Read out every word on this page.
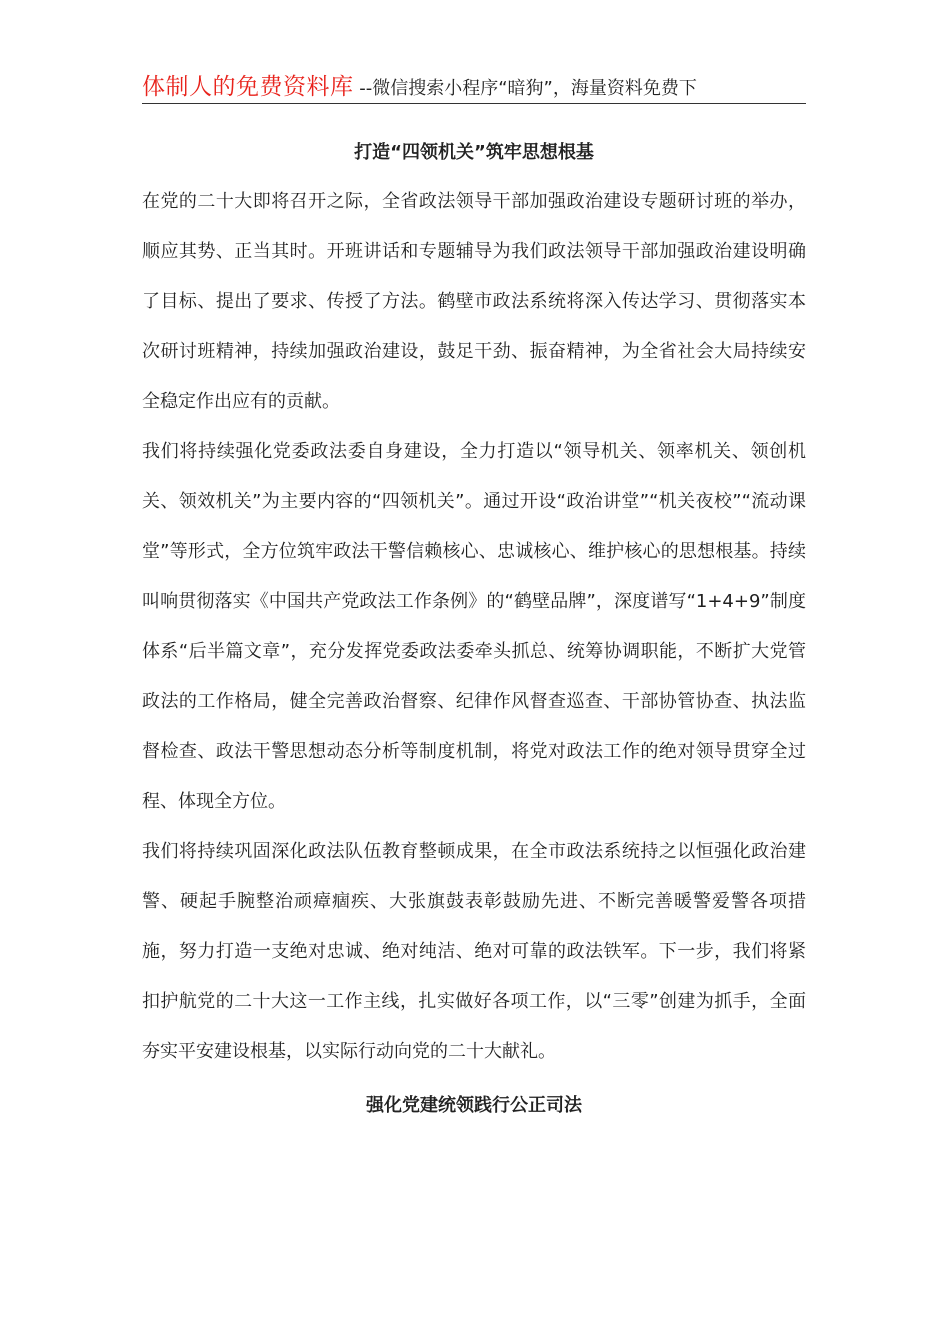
体制人的免费资料库 --微信搜索小程序“暗狗”，海量资料免费下
打造“四领机关”筑牢思想根基

在党的二十大即将召开之际，全省政法领导干部加强政治建设专题研讨班的举办，顺应其势、正当其时。开班讲话和专题辅导为我们政法领导干部加强政治建设明确了目标、提出了要求、传授了方法。鹤壁市政法系统将深入传达学习、贯彻落实本次研讨班精神，持续加强政治建设，鼓足干劲、振奋精神，为全省社会大局持续安全稳定作出应有的贡献。

我们将持续强化党委政法委自身建设，全力打造以“领导机关、领率机关、领创机关、领效机关”为主要内容的“四领机关”。通过开设“政治讲堂”“机关夜校”“流动课堂”等形式，全方位筑牢政法干警信赖核心、忠诚核心、维护核心的思想根基。持续叫响贯彻落实《中国共产党政法工作条例》的“鹤壁品牌”，深度谱写“1+4+9”制度体系“后半篇文章”，充分发挥党委政法委牵头抓总、统筹协调职能，不断扩大党管政法的工作格局，健全完善政治督察、纪律作风督查巡查、干部协管协查、执法监督检查、政法干警思想动态分析等制度机制，将党对政法工作的绝对领导贯穿全过程、体现全方位。

我们将持续巩固深化政法队伍教育整顿成果，在全市政法系统持之以恒强化政治建警、硬起手腕整治顽瘴痼疾、大张旗鼓表彰鼓励先进、不断完善暖警爱警各项措施，努力打造一支绝对忠诚、绝对纯洁、绝对可靠的政法铁军。下一步，我们将紧扣护航党的二十大这一工作主线，扎实做好各项工作，以“三零”创建为抓手，全面夯实平安建设根基，以实际行动向党的二十大献礼。

强化党建统领践行公正司法
